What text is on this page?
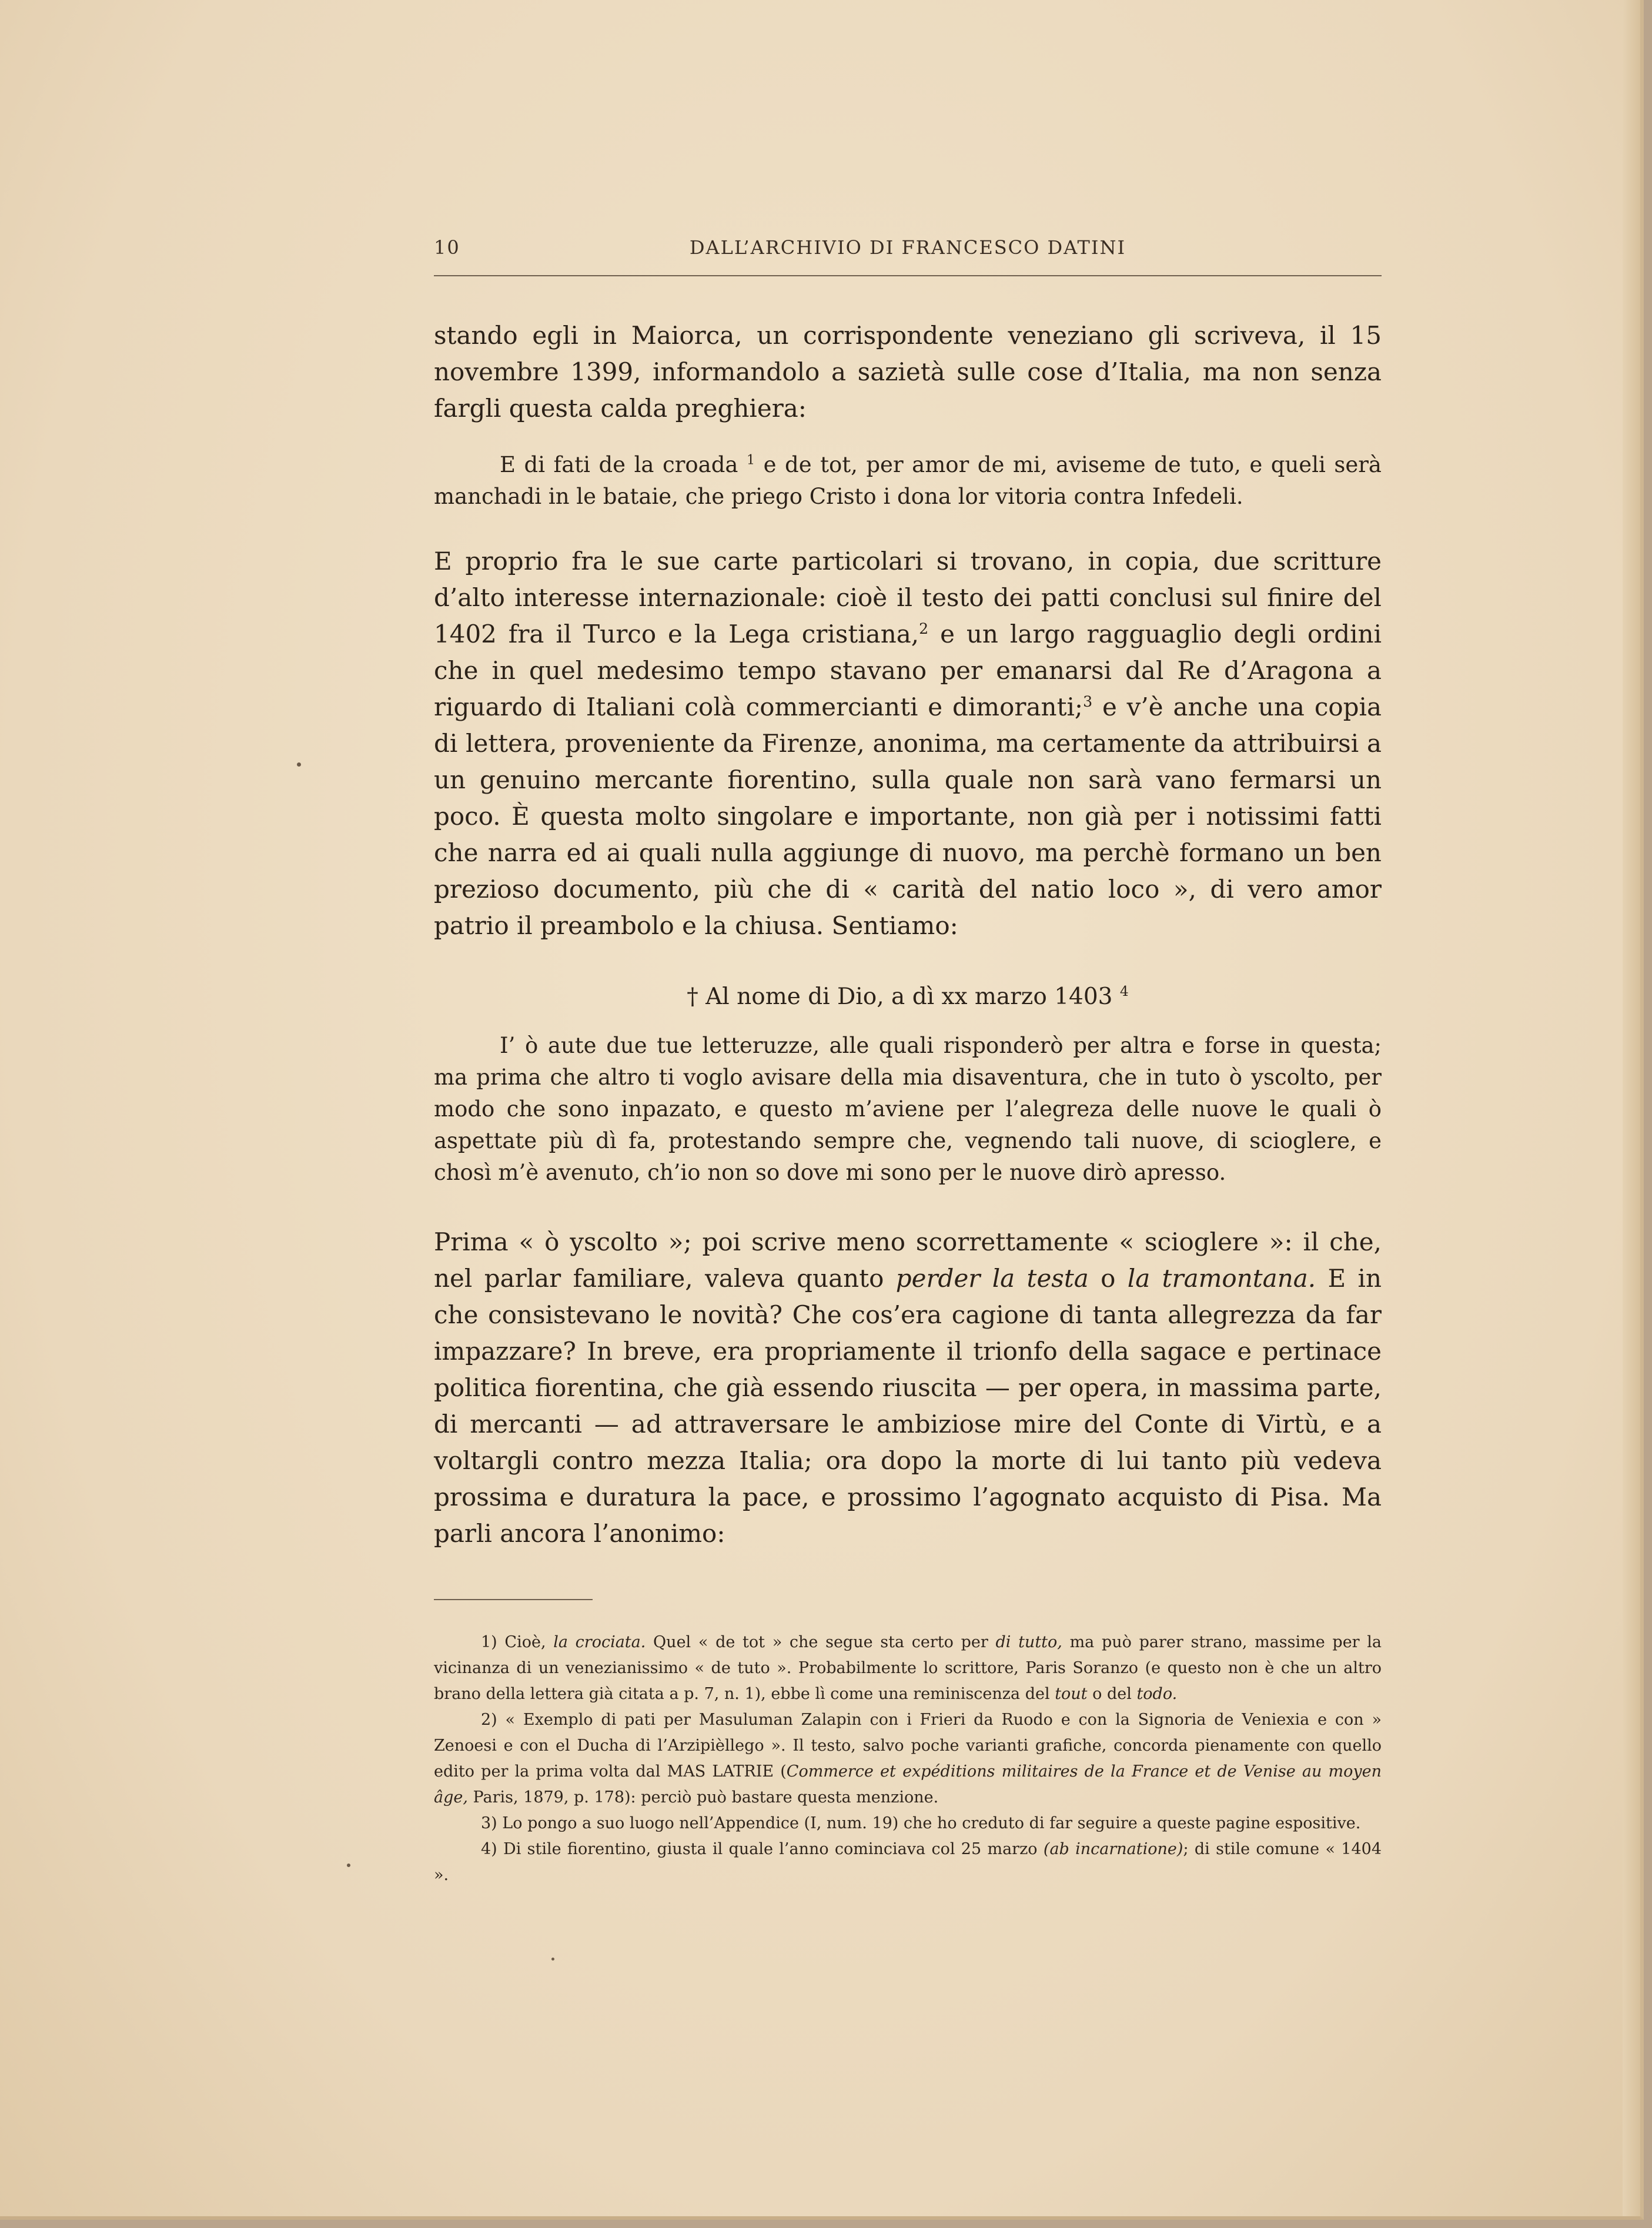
10	DALL’ARCHIVIO DI FRANCESCO DATINI

stando egli in Maiorca, un corrispondente veneziano gli scriveva, il 15 novembre 1399, informandolo a sazietà sulle cose d’Italia, ma non senza fargli questa calda preghiera:

E di fati de la croada $^1$ e de tot, per amor de mi, aviseme de tuto, e queli serà manchadi in le bataie, che priego Cristo i dona lor vitoria contra Infedeli.

E proprio fra le sue carte particolari si trovano, in copia, due scritture d’alto interesse internazionale: cioè il testo dei patti conclusi sul finire del 1402 fra il Turco e la Lega cristiana,$^2$ e un largo ragguaglio degli ordini che in quel medesimo tempo stavano per emanarsi dal Re d’Aragona a riguardo di Italiani colà commercianti e dimoranti;$^3$ e v’è anche una copia di lettera, proveniente da Firenze, anonima, ma certamente da attribuirsi a un genuino mercante fiorentino, sulla quale non sarà vano fermarsi un poco. È questa molto singolare e importante, non già per i notissimi fatti che narra ed ai quali nulla aggiunge di nuovo, ma perchè formano un ben prezioso documento, più che di « carità del natio loco », di vero amor patrio il preambolo e la chiusa. Sentiamo:

† Al nome di Dio, a dì xx marzo 1403 $^4$

I’ ò aute due tue letteruzze, alle quali risponderò per altra e forse in questa; ma prima che altro ti voglo avisare della mia disaventura, che in tuto ò yscolto, per modo che sono inpazato, e questo m’aviene per l’alegreza delle nuove le quali ò aspettate più dì fa, protestando sempre che, vegnendo tali nuove, di scioglere, e chosì m’è avenuto, ch’io non so dove mi sono per le nuove dirò apresso.

Prima « ò yscolto »; poi scrive meno scorrettamente « scioglere »: il che, nel parlar familiare, valeva quanto perder la testa o la tramontana. E in che consistevano le novità? Che cos’era cagione di tanta allegrezza da far impazzare? In breve, era propriamente il trionfo della sagace e pertinace politica fiorentina, che già essendo riuscita — per opera, in massima parte, di mercanti — ad attraversare le ambiziose mire del Conte di Virtù, e a voltargli contro mezza Italia; ora dopo la morte di lui tanto più vedeva prossima e duratura la pace, e prossimo l’agognato acquisto di Pisa. Ma parli ancora l’anonimo:

1) Cioè, la crociata. Quel « de tot » che segue sta certo per di tutto, ma può parer strano, massime per la vicinanza di un venezianissimo « de tuto ». Probabilmente lo scrittore, Paris Soranzo (e questo non è che un altro brano della lettera già citata a p. 7, n. 1), ebbe lì come una reminiscenza del tout o del todo.

2) « Exemplo di pati per Masuluman Zalapin con i Frieri da Ruodo e con la Signoria de Veniexia e con » Zenoesi e con el Ducha di l’Arzipièllego ». Il testo, salvo poche varianti grafiche, concorda pienamente con quello edito per la prima volta dal MAS LATRIE (Commerce et expéditions militaires de la France et de Venise au moyen âge, Paris, 1879, p. 178): perciò può bastare questa menzione.

3) Lo pongo a suo luogo nell’Appendice (I, num. 19) che ho creduto di far seguire a queste pagine espositive.

4) Di stile fiorentino, giusta il quale l’anno cominciava col 25 marzo (ab incarnatione); di stile comune « 1404 ».
